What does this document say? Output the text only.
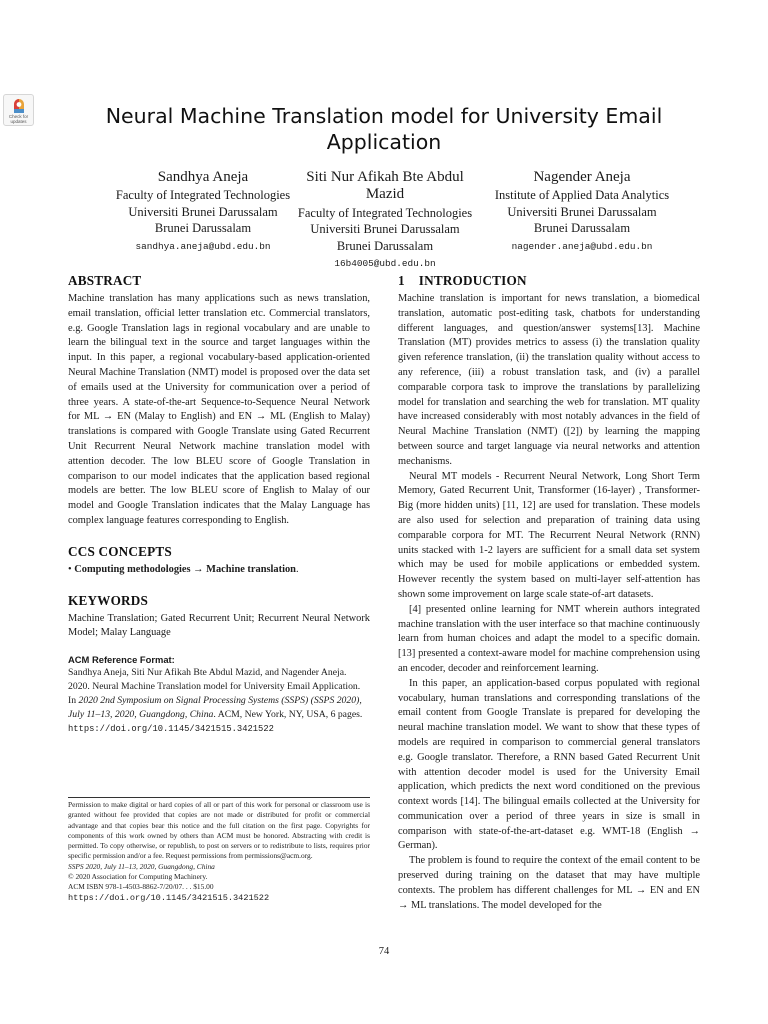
Check for
updates	Neural Machine Translation model for University Email Application
Sandhya Aneja
Faculty of Integrated Technologies
Universiti Brunei Darussalam
Brunei Darussalam
sandhya.aneja@ubd.edu.bn
Siti Nur Afikah Bte Abdul Mazid
Faculty of Integrated Technologies
Universiti Brunei Darussalam
Brunei Darussalam
16b4005@ubd.edu.bn
Nagender Aneja
Institute of Applied Data Analytics
Universiti Brunei Darussalam
Brunei Darussalam
nagender.aneja@ubd.edu.bn
ABSTRACT

Machine translation has many applications such as news translation, email translation, official letter translation etc. Commercial translators, e.g. Google Translation lags in regional vocabulary and are unable to learn the bilingual text in the source and target languages within the input. In this paper, a regional vocabulary-based application-oriented Neural Machine Translation (NMT) model is proposed over the data set of emails used at the University for communication over a period of three years. A state-of-the-art Sequence-to-Sequence Neural Network for ML → EN (Malay to English) and EN → ML (English to Malay) translations is compared with Google Translate using Gated Recurrent Unit Recurrent Neural Network machine translation model with attention decoder. The low BLEU score of Google Translation in comparison to our model indicates that the application based regional models are better. The low BLEU score of English to Malay of our model and Google Translation indicates that the Malay Language has complex language features corresponding to English.

CCS CONCEPTS

• Computing methodologies → Machine translation.

KEYWORDS

Machine Translation; Gated Recurrent Unit; Recurrent Neural Network Model; Malay Language

ACM Reference Format:

Sandhya Aneja, Siti Nur Afikah Bte Abdul Mazid, and Nagender Aneja. 2020. Neural Machine Translation model for University Email Application. In 2020 2nd Symposium on Signal Processing Systems (SSPS) (SSPS 2020), July 11–13, 2020, Guangdong, China. ACM, New York, NY, USA, 6 pages.
https://doi.org/10.1145/3421515.3421522

Permission to make digital or hard copies of all or part of this work for personal or classroom use is granted without fee provided that copies are not made or distributed for profit or commercial advantage and that copies bear this notice and the full citation on the first page. Copyrights for components of this work owned by others than ACM must be honored. Abstracting with credit is permitted. To copy otherwise, or republish, to post on servers or to redistribute to lists, requires prior specific permission and/or a fee. Request permissions from permissions@acm.org.
SSPS 2020, July 11–13, 2020, Guangdong, China
© 2020 Association for Computing Machinery.
ACM ISBN 978-1-4503-8862-7/20/07. . . $15.00
https://doi.org/10.1145/3421515.3421522
1    INTRODUCTION

Machine translation is important for news translation, a biomedical translation, automatic post-editing task, chatbots for understanding different languages, and question/answer systems[13]. Machine Translation (MT) provides metrics to assess (i) the translation quality given reference translation, (ii) the translation quality without access to any reference, (iii) a robust translation task, and (iv) a parallel comparable corpora task to improve the translations by parallelizing model for translation and searching the web for translation. MT quality have increased considerably with most notably advances in the field of Neural Machine Translation (NMT) ([2]) by learning the mapping between source and target language via neural networks and attention mechanisms.

Neural MT models - Recurrent Neural Network, Long Short Term Memory, Gated Recurrent Unit, Transformer (16-layer) , Transformer-Big (more hidden units) [11, 12] are used for translation. These models are also used for selection and preparation of training data using comparable corpora for MT. The Recurrent Neural Network (RNN) units stacked with 1-2 layers are sufficient for a small data set system which may be used for mobile applications or embedded system. However recently the system based on multi-layer self-attention has shown some improvement on large scale state-of-art datasets.

[4] presented online learning for NMT wherein authors integrated machine translation with the user interface so that machine continuously learn from human choices and adapt the model to a specific domain. [13] presented a context-aware model for machine comprehension using an encoder, decoder and reinforcement learning.

In this paper, an application-based corpus populated with regional vocabulary, human translations and corresponding translations of the email content from Google Translate is prepared for developing the neural machine translation model. We want to show that these types of models are required in comparison to commercial general translators e.g. Google translator. Therefore, a RNN based Gated Recurrent Unit with attention decoder model is used for the University Email application, which predicts the next word conditioned on the previous context words [14]. The bilingual emails collected at the University for communication over a period of three years in size is small in comparison with state-of-the-art-dataset e.g. WMT-18 (English → German).

The problem is found to require the context of the email content to be preserved during training on the dataset that may have multiple contexts. The problem has different challenges for ML → EN and EN → ML translations. The model developed for the

74
